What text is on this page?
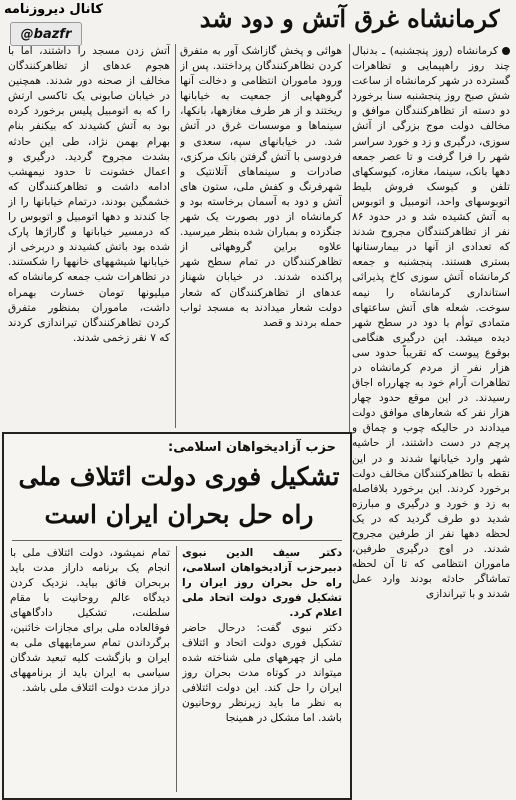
کانال دیروزنامه
@bazfr
کرمانشاه غرق آتش و دود شد

کرمانشاه (روز پنجشنبه) ـ بدنبال چند روز راهپیمایی و تظاهرات گسترده در شهر کرمانشاه از ساعت شش صبح روز پنجشنبه سنا برخورد دو دسته از تظاهرکنندگان موافق و مخالف دولت موج بزرگی از آتش سوزی، درگیری و زد و خورد سراسر شهر را فرا گرفت و تا عصر جمعه دهها بانک، سینما، مغازه، کیوسکهای تلفن و کیوسک فروش بلیط اتوبوسهای واحد، اتومبیل و اتوبوس به آتش کشیده شد و در حدود ۸۶ نفر از تظاهرکنندگان مجروح شدند که تعدادی از آنها در بیمارستانها بستری هستند. پنجشنبه و جمعه کرمانشاه آتش سوزی کاخ پذیرائی استانداری کرمانشاه را نیمه سوخت. شعله های آتش ساعتهای متمادی توأم با دود در سطح شهر دیده میشد. این درگیری هنگامی بوقوع پیوست که تقریباً حدود سی هزار نفر از مردم کرمانشاه در تظاهرات آرام خود به چهارراه اجاق رسیدند. در این موقع حدود چهار هزار نفر که شعارهای موافق دولت میدادند در حالیکه چوب و چماق و پرچم در دست داشتند، از حاشیه شهر وارد خیابانها شدند و در این نقطه با تظاهرکنندگان مخالف دولت برخورد کردند. این برخورد بلافاصله به زد و خورد و درگیری و مبارزه شدید دو طرف گردید که در یک لحظه دهها نفر از طرفین مجروح شدند. در اوج درگیری طرفین، ماموران انتظامی که تا آن لحظه تماشاگر حادثه بودند وارد عمل شدند و با تیراندازی

هوائی و پخش گازاشک آور به متفرق کردن تظاهرکنندگان پرداختند. پس از ورود ماموران انتظامی و دخالت آنها گروههایی از جمعیت به خیابانها ریختند و از هر طرف مغازهها، بانکها، سینماها و موسسات غرق در آتش شد. در خیابانهای سپه، سعدی و فردوسی با آتش گرفتن بانک مرکزی، صادرات و سینماهای آتلانتیک و شهرفرنگ و کفش ملی، ستون های آتش و دود به آسمان برخاسته بود و کرمانشاه از دور بصورت یک شهر جنگزده و بمباران شده بنظر میرسید. علاوه براین گروههائی از تظاهرکنندگان در تمام سطح شهر پراکنده شدند. در خیابان شهناز عدهای از تظاهرکنندگان که شعار دولت شعار میدادند به مسجد ثواب حمله بردند و قصد

آتش زدن مسجد را داشتند، اما با هجوم عدهای از تظاهرکنندگان مخالف از صحنه دور شدند. همچنین در خیابان صابونی یک تاکسی ارتش را که به اتومبیل پلیس برخورد کرده بود به آتش کشیدند که بیکنفر بنام بهرام بهمن نژاد، طی این حادثه بشدت مجروح گردید. درگیری و اعمال خشونت تا حدود نیمهشب ادامه داشت و تظاهرکنندگان که خشمگین بودند، درتمام خیابانها را از جا کندند و دهها اتومبیل و اتوبوس را که درمسیر خیابانها و گاراژها پارک شده بود باتش کشیدند و دربرخی از خیابانها شیشههای خانهها را شکستند. در تظاهرات شب جمعه کرمانشاه که میلیونها تومان خسارت بهمراه داشت، ماموران بمنظور متفرق کردن تظاهرکنندگان تیراندازی کردند که ۷ نفر زخمی شدند.

حزب آزادیخواهان اسلامی:
تشکیل فوری دولت ائتلاف ملی راه حل بحران ایران است

دکتر سیف الدین نبوی دبیرحزب آزادیخواهان اسلامی، راه حل بحران روز ایران را تشکیل فوری دولت اتحاد ملی اعلام کرد.

دکتر نبوی گفت: درحال حاضر تشکیل فوری دولت اتحاد و ائتلاف ملی از چهرههای ملی شناخته شده میتواند در کوتاه مدت بحران روز ایران را حل کند. این دولت ائتلافی به نظر ما باید زیرنظر روحانیون باشد. اما مشکل در همینجا

تمام نمیشود، دولت ائتلاف ملی با انجام یک برنامه داراز مدت باید بربحران فائق بیاید. نزدیک کردن دیدگاه عالم روحانیت با مقام سلطنت، تشکیل دادگاههای فوقالعاده ملی برای مجازات خائنین، برگرداندن تمام سرمایههای ملی به ایران و بازگشت کلیه تبعید شدگان سیاسی به ایران باید از برنامههای دراز مدت دولت ائتلاف ملی باشد.
